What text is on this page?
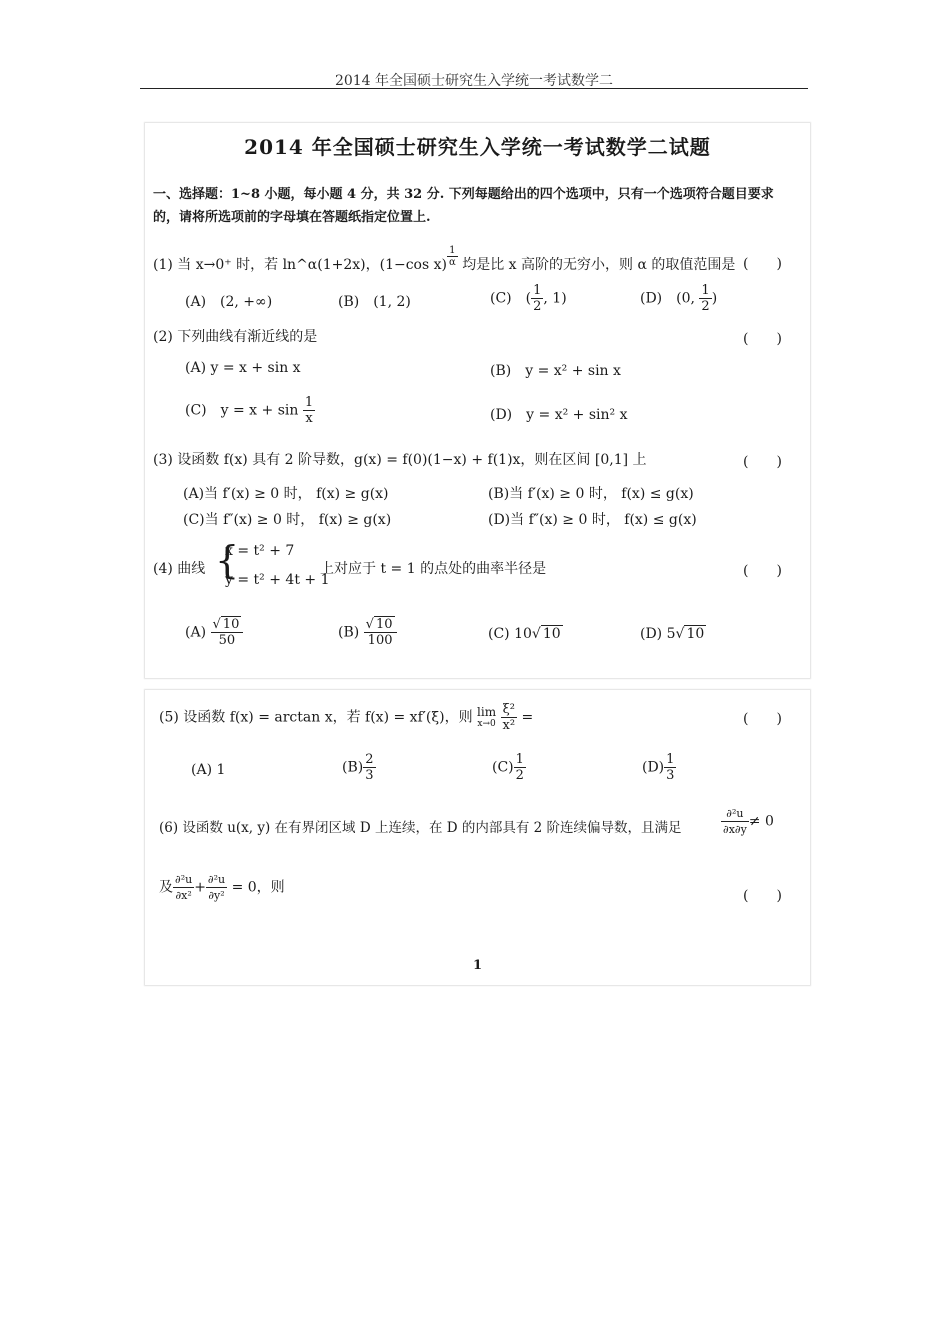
2014 年全国硕士研究生入学统一考试数学二
2014 年全国硕士研究生入学统一考试数学二试题
一、选择题：1~8 小题，每小题 4 分，共 32 分. 下列每题给出的四个选项中，只有一个选项符合题目要求的，请将所选项前的字母填在答题纸指定位置上.
(1) 当 x→0⁺ 时，若 ln^α(1+2x)，(1−cos x) $^{\frac{1}{\alpha}}$ 均是比 x 高阶的无穷小，则 α 的取值范围是 (　　)
(A)　(2, +∞)	(B)　(1, 2)	(C)　( $\frac{1}{2}$ , 1)	(D)　(0, $\frac{1}{2}$ )
(2) 下列曲线有渐近线的是	(　　)
(A) y = x + sin x	(B)　y = x² + sin x
(C)　$y = x + \sin \frac{1}{x}$	(D)　y = x² + sin² x
(3) 设函数 f(x) 具有 2 阶导数，g(x) = f(0)(1−x) + f(1)x，则在区间 [0,1] 上	(　　)
(A)当 f′(x) ≥ 0 时， f(x) ≥ g(x)	(B)当 f′(x) ≥ 0 时， f(x) ≤ g(x)
(C)当 f″(x) ≥ 0 时， f(x) ≥ g(x)	(D)当 f″(x) ≥ 0 时， f(x) ≤ g(x)
(4) 曲线 {
x = t² + 7
y = t² + 4t + 1
上对应于 t = 1 的点处的曲率半径是	(　　)
$(A) \frac{√ 10}{50}$	$(B) \frac{√ 10}{100}$	(C) 10√ 10	(D) 5√ 10
(5) 设函数 f(x) = arctan x，若 f(x) = xf′(ξ)，则 lim
x→0
$\frac{\text{ξ²}}{\text{x²}}$ =	(　　)
(A) 1	$(B) \frac{2}{3}$	$(C) \frac{1}{2}$	$(D) \frac{1}{3}$
(6) 设函数 u(x, y) 在有界闭区域 D 上连续，在 D 的内部具有 2 阶连续偏导数，且满足	$\frac{\text{∂²u}}{\partial x\partial y} \ne 0$
及 $\frac{\text{∂²u}}{\text{∂x²}} + \frac{\text{∂²u}}{\text{∂y²}} = 0$，则
(　　)
1
